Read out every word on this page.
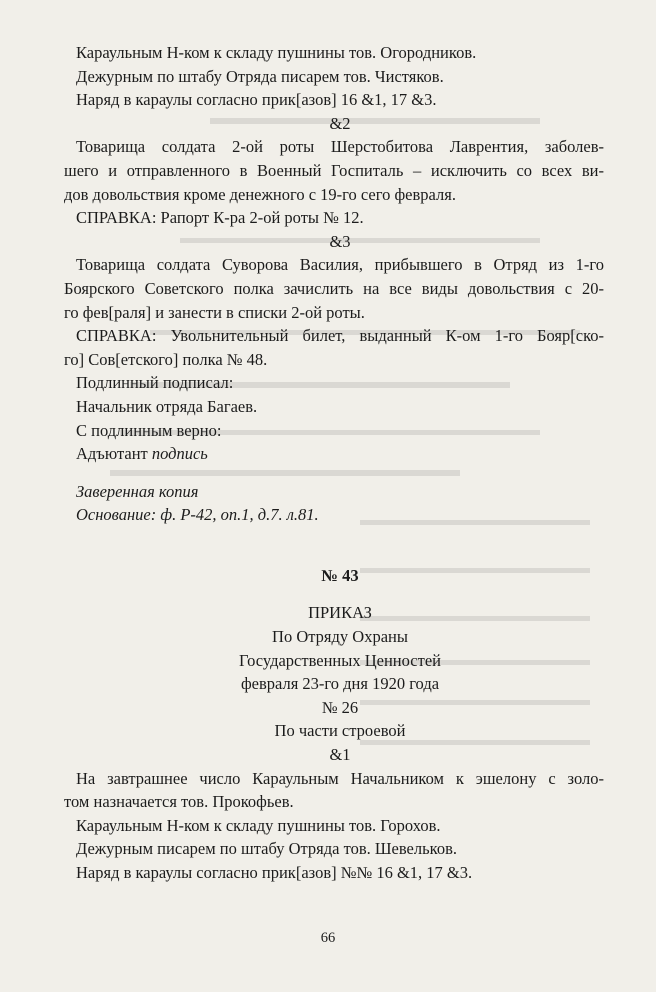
Караульным Н-ком к складу пушнины тов. Огородников.
Дежурным по штабу Отряда писарем тов. Чистяков.
Наряд в караулы согласно прик[азов] 16 &1, 17 &3.
&2
Товарища солдата 2-ой роты Шерстобитова Лаврентия, заболев-
шего и отправленного в Военный Госпиталь – исключить со всех ви-
дов довольствия кроме денежного с 19-го сего февраля.
СПРАВКА: Рапорт К-ра 2-ой роты № 12.
&3
Товарища солдата Суворова Василия, прибывшего в Отряд из 1-го
Боярского Советского полка зачислить на все виды довольствия с 20-
го фев[раля] и занести в списки 2-ой роты.
СПРАВКА: Увольнительный билет, выданный К-ом 1-го Бояр[ско-
го] Сов[етского] полка № 48.
Подлинный подписал:
Начальник отряда Багаев.
С подлинным верно:
Адъютант подпись
Заверенная копия
Основание: ф. Р-42, оп.1, д.7. л.81.
№ 43
ПРИКАЗ
По Отряду Охраны
Государственных Ценностей
февраля 23-го дня 1920 года
№ 26
По части строевой
&1
На завтрашнее число Караульным Начальником к эшелону с золо-
том назначается тов. Прокофьев.
Караульным Н-ком к складу пушнины тов. Горохов.
Дежурным писарем по штабу Отряда тов. Шевельков.
Наряд в караулы согласно прик[азов] №№ 16 &1, 17 &3.
66
